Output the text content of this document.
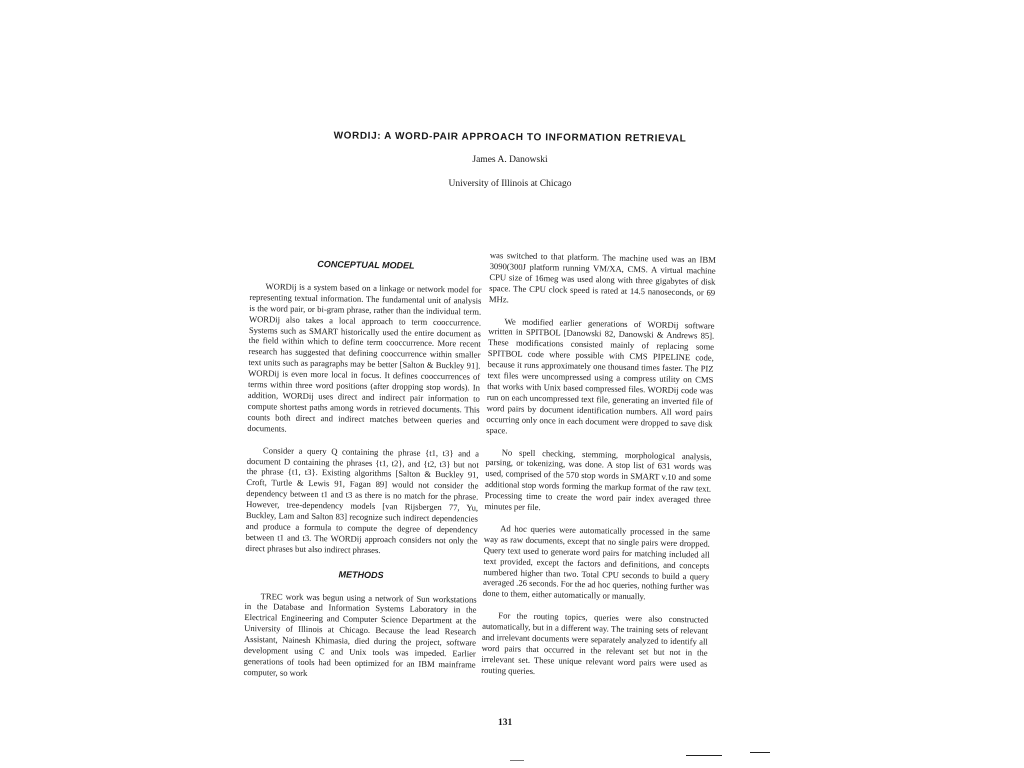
WORDIJ: A WORD-PAIR APPROACH TO INFORMATION RETRIEVAL
James A. Danowski
University of Illinois at Chicago
CONCEPTUAL MODEL

WORDij is a system based on a linkage or network model for representing textual information. The fundamental unit of analysis is the word pair, or bi-gram phrase, rather than the individual term. WORDij also takes a local approach to term cooccurrence. Systems such as SMART historically used the entire document as the field within which to define term cooccurrence. More recent research has suggested that defining cooccurrence within smaller text units such as paragraphs may be better [Salton & Buckley 91]. WORDij is even more local in focus. It defines cooccurrences of terms within three word positions (after dropping stop words). In addition, WORDij uses direct and indirect pair information to compute shortest paths among words in retrieved documents. This counts both direct and indirect matches between queries and documents.

Consider a query Q containing the phrase {t1, t3} and a document D containing the phrases {t1, t2}, and {t2, t3} but not the phrase {t1, t3}. Existing algorithms [Salton & Buckley 91, Croft, Turtle & Lewis 91, Fagan 89] would not consider the dependency between t1 and t3 as there is no match for the phrase. However, tree-dependency models [van Rijsbergen 77, Yu, Buckley, Lam and Salton 83] recognize such indirect dependencies and produce a formula to compute the degree of dependency between t1 and t3. The WORDij approach considers not only the direct phrases but also indirect phrases.

METHODS

TREC work was begun using a network of Sun workstations in the Database and Information Systems Laboratory in the Electrical Engineering and Computer Science Department at the University of Illinois at Chicago. Because the lead Research Assistant, Nainesh Khimasia, died during the project, software development using C and Unix tools was impeded. Earlier generations of tools had been optimized for an IBM mainframe computer, so work

was switched to that platform. The machine used was an IBM 3090(300J platform running VM/XA, CMS. A virtual machine CPU size of 16meg was used along with three gigabytes of disk space. The CPU clock speed is rated at 14.5 nanoseconds, or 69 MHz.

We modified earlier generations of WORDij software written in SPITBOL [Danowski 82, Danowski & Andrews 85]. These modifications consisted mainly of replacing some SPITBOL code where possible with CMS PIPELINE code, because it runs approximately one thousand times faster. The PIZ text files were uncompressed using a compress utility on CMS that works with Unix based compressed files. WORDij code was run on each uncompressed text file, generating an inverted file of word pairs by document identification numbers. All word pairs occurring only once in each document were dropped to save disk space.

No spell checking, stemming, morphological analysis, parsing, or tokenizing, was done. A stop list of 631 words was used, comprised of the 570 stop words in SMART v.10 and some additional stop words forming the markup format of the raw text. Processing time to create the word pair index averaged three minutes per file.

Ad hoc queries were automatically processed in the same way as raw documents, except that no single pairs were dropped. Query text used to generate word pairs for matching included all text provided, except the factors and definitions, and concepts numbered higher than two. Total CPU seconds to build a query averaged .26 seconds. For the ad hoc queries, nothing further was done to them, either automatically or manually.

For the routing topics, queries were also constructed automatically, but in a different way. The training sets of relevant and irrelevant documents were separately analyzed to identify all word pairs that occurred in the relevant set but not in the irrelevant set. These unique relevant word pairs were used as routing queries.

131
